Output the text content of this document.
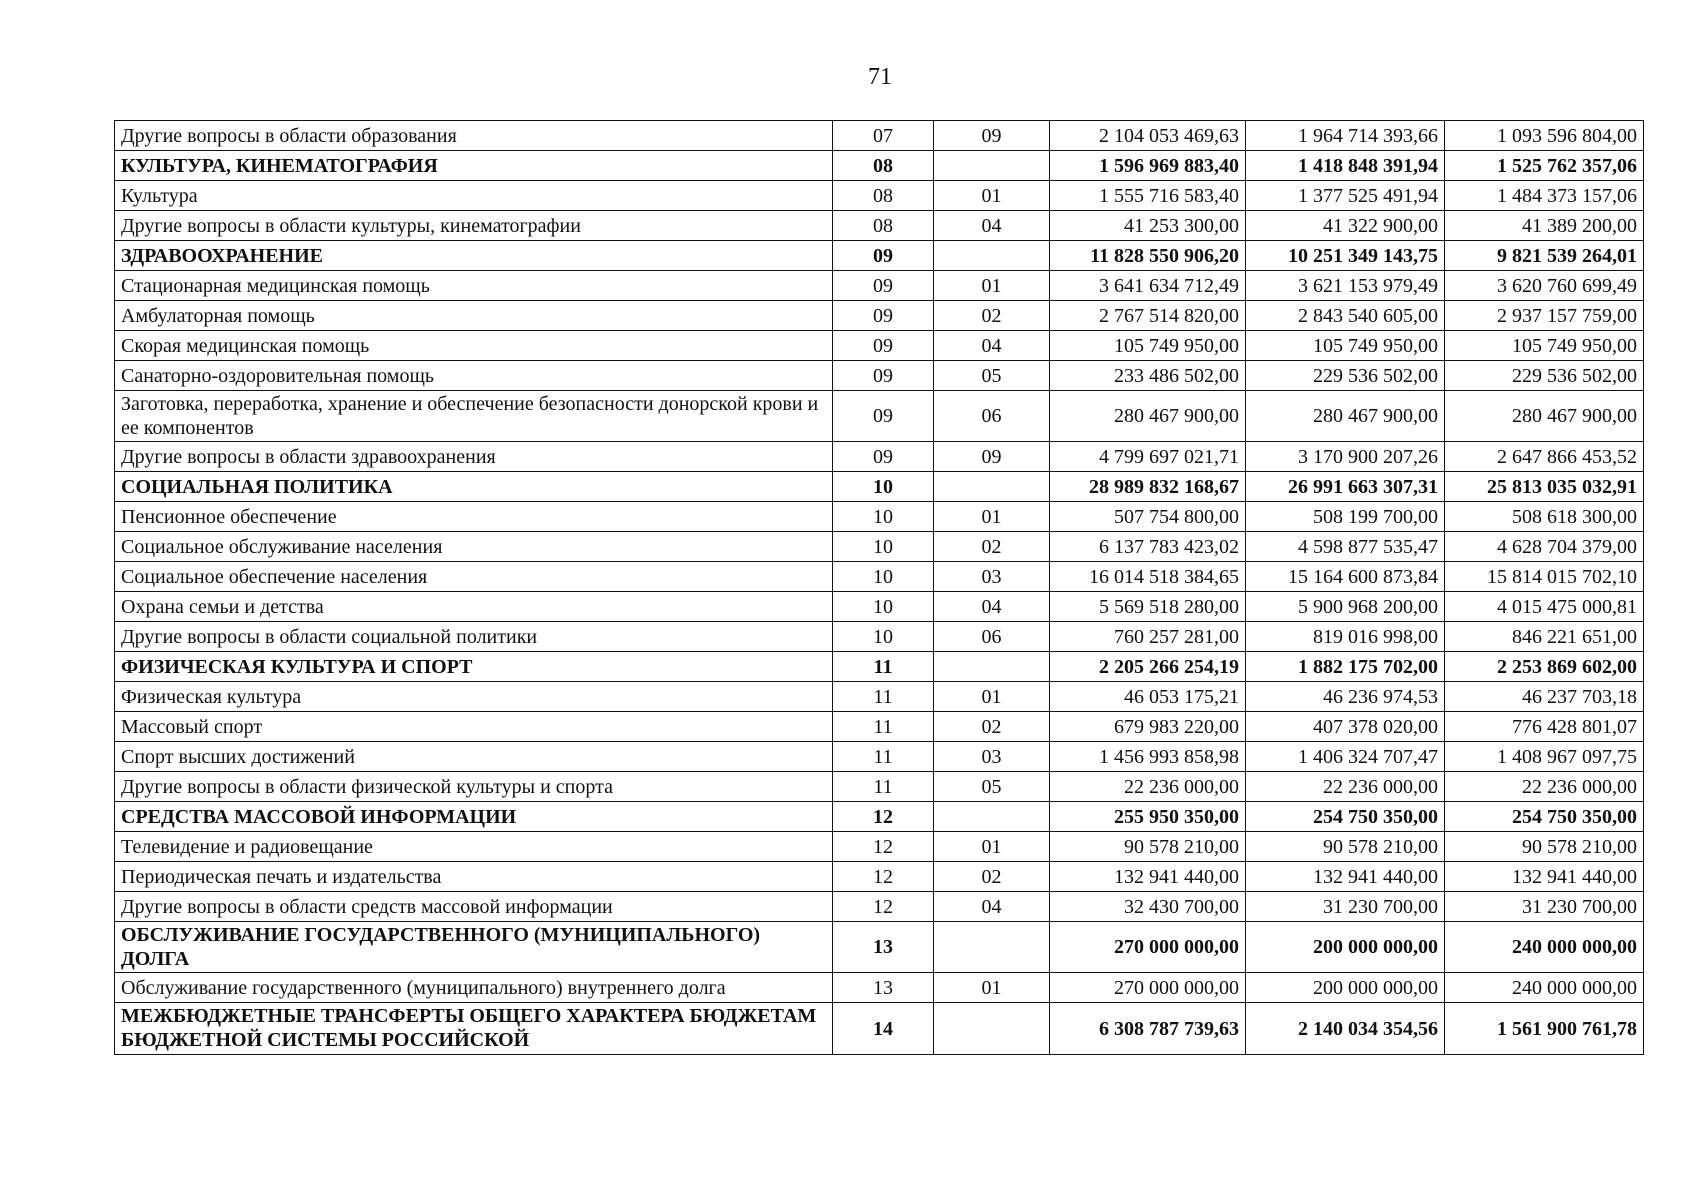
71
Другие вопросы в области образования	07	09	2 104 053 469,63	1 964 714 393,66	1 093 596 804,00
КУЛЬТУРА, КИНЕМАТОГРАФИЯ	08		1 596 969 883,40	1 418 848 391,94	1 525 762 357,06
Культура	08	01	1 555 716 583,40	1 377 525 491,94	1 484 373 157,06
Другие вопросы в области культуры, кинематографии	08	04	41 253 300,00	41 322 900,00	41 389 200,00
ЗДРАВООХРАНЕНИЕ	09		11 828 550 906,20	10 251 349 143,75	9 821 539 264,01
Стационарная медицинская помощь	09	01	3 641 634 712,49	3 621 153 979,49	3 620 760 699,49
Амбулаторная помощь	09	02	2 767 514 820,00	2 843 540 605,00	2 937 157 759,00
Скорая медицинская помощь	09	04	105 749 950,00	105 749 950,00	105 749 950,00
Санаторно-оздоровительная помощь	09	05	233 486 502,00	229 536 502,00	229 536 502,00
Заготовка, переработка, хранение и обеспечение безопасности донорской крови и ее компонентов	09	06	280 467 900,00	280 467 900,00	280 467 900,00
Другие вопросы в области здравоохранения	09	09	4 799 697 021,71	3 170 900 207,26	2 647 866 453,52
СОЦИАЛЬНАЯ ПОЛИТИКА	10		28 989 832 168,67	26 991 663 307,31	25 813 035 032,91
Пенсионное обеспечение	10	01	507 754 800,00	508 199 700,00	508 618 300,00
Социальное обслуживание населения	10	02	6 137 783 423,02	4 598 877 535,47	4 628 704 379,00
Социальное обеспечение населения	10	03	16 014 518 384,65	15 164 600 873,84	15 814 015 702,10
Охрана семьи и детства	10	04	5 569 518 280,00	5 900 968 200,00	4 015 475 000,81
Другие вопросы в области социальной политики	10	06	760 257 281,00	819 016 998,00	846 221 651,00
ФИЗИЧЕСКАЯ КУЛЬТУРА И СПОРТ	11		2 205 266 254,19	1 882 175 702,00	2 253 869 602,00
Физическая культура	11	01	46 053 175,21	46 236 974,53	46 237 703,18
Массовый спорт	11	02	679 983 220,00	407 378 020,00	776 428 801,07
Спорт высших достижений	11	03	1 456 993 858,98	1 406 324 707,47	1 408 967 097,75
Другие вопросы в области физической культуры и спорта	11	05	22 236 000,00	22 236 000,00	22 236 000,00
СРЕДСТВА МАССОВОЙ ИНФОРМАЦИИ	12		255 950 350,00	254 750 350,00	254 750 350,00
Телевидение и радиовещание	12	01	90 578 210,00	90 578 210,00	90 578 210,00
Периодическая печать и издательства	12	02	132 941 440,00	132 941 440,00	132 941 440,00
Другие вопросы в области средств массовой информации	12	04	32 430 700,00	31 230 700,00	31 230 700,00
ОБСЛУЖИВАНИЕ ГОСУДАРСТВЕННОГО (МУНИЦИПАЛЬНОГО) ДОЛГА	13		270 000 000,00	200 000 000,00	240 000 000,00
Обслуживание государственного (муниципального) внутреннего долга	13	01	270 000 000,00	200 000 000,00	240 000 000,00
МЕЖБЮДЖЕТНЫЕ ТРАНСФЕРТЫ ОБЩЕГО ХАРАКТЕРА БЮДЖЕТАМ БЮДЖЕТНОЙ СИСТЕМЫ РОССИЙСКОЙ	14		6 308 787 739,63	2 140 034 354,56	1 561 900 761,78
